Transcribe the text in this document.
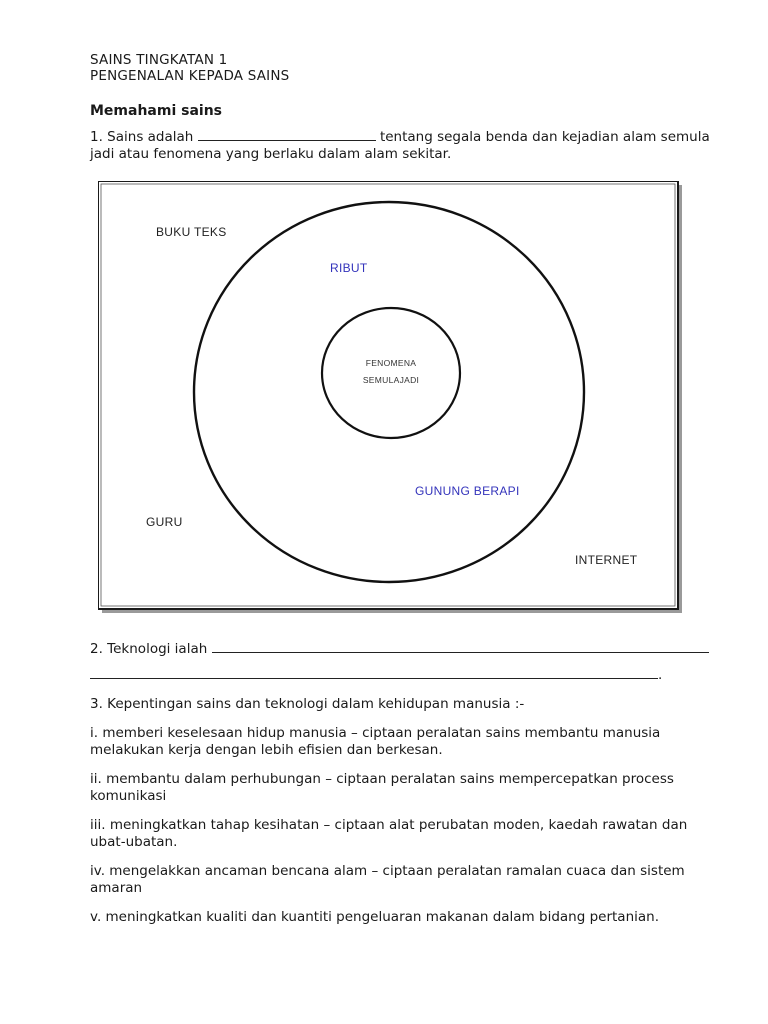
SAINS TINGKATAN 1
PENGENALAN KEPADA SAINS
Memahami sains
1. Sains adalah	tentang segala benda dan kejadian alam semula
jadi atau fenomena yang berlaku dalam alam sekitar.
FENOMENA
SEMULAJADI
RIBUT
GUNUNG BERAPI
BUKU TEKS
GURU
INTERNET
2. Teknologi ialah
.
3. Kepentingan sains dan teknologi dalam kehidupan manusia :-
i. memberi keselesaan hidup manusia – ciptaan peralatan sains membantu manusia
melakukan kerja dengan lebih efisien dan berkesan.
ii. membantu dalam perhubungan – ciptaan peralatan sains mempercepatkan process
komunikasi
iii. meningkatkan tahap kesihatan – ciptaan alat perubatan moden, kaedah rawatan dan
ubat-ubatan.
iv. mengelakkan ancaman bencana alam – ciptaan peralatan ramalan cuaca dan sistem
amaran
v. meningkatkan kualiti dan kuantiti pengeluaran makanan dalam bidang pertanian.
